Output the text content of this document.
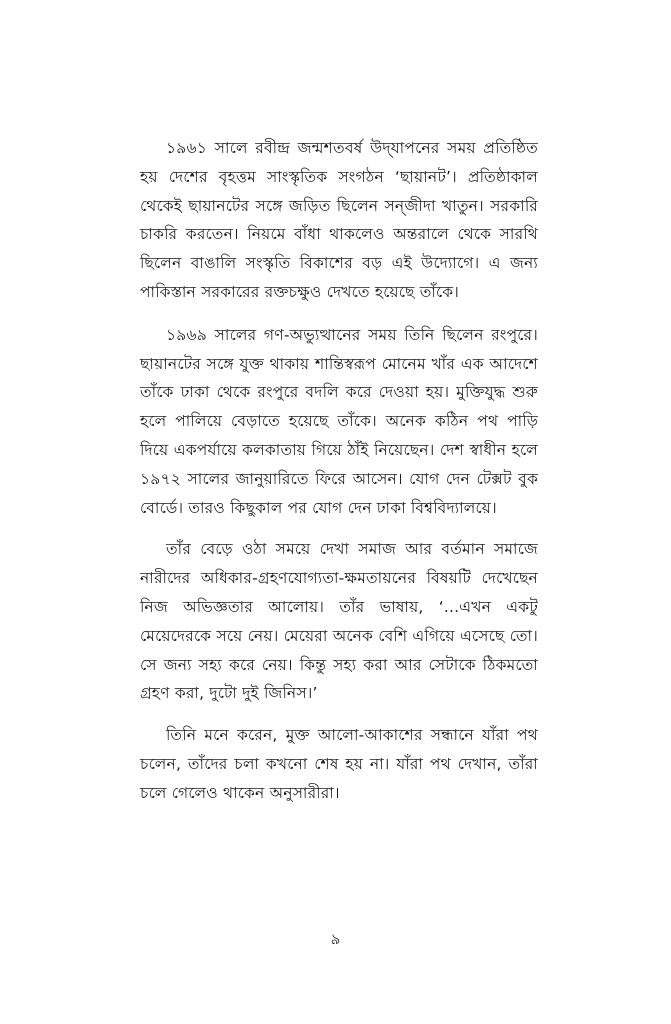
১৯৬১ সালে রবীন্দ্র জন্মশতবর্ষ উদ্‌যাপনের সময় প্রতিষ্ঠিত হয় দেশের বৃহত্তম সাংস্কৃতিক সংগঠন ‘ছায়ানট’। প্রতিষ্ঠাকাল থেকেই ছায়ানটের সঙ্গে জড়িত ছিলেন সন্‌জীদা খাতুন। সরকারি চাকরি করতেন। নিয়মে বাঁধা থাকলেও অন্তরালে থেকে সারথি ছিলেন বাঙালি সংস্কৃতি বিকাশের বড় এই উদ্যোগে। এ জন্য পাকিস্তান সরকারের রক্তচক্ষুও দেখতে হয়েছে তাঁকে।

১৯৬৯ সালের গণ-অভ্যুত্থানের সময় তিনি ছিলেন রংপুরে। ছায়ানটের সঙ্গে যুক্ত থাকায় শান্তিস্বরূপ মোনেম খাঁর এক আদেশে তাঁকে ঢাকা থেকে রংপুরে বদলি করে দেওয়া হয়। মুক্তিযুদ্ধ শুরু হলে পালিয়ে বেড়াতে হয়েছে তাঁকে। অনেক কঠিন পথ পাড়ি দিয়ে একপর্যায়ে কলকাতায় গিয়ে ঠাঁই নিয়েছেন। দেশ স্বাধীন হলে ১৯৭২ সালের জানুয়ারিতে ফিরে আসেন। যোগ দেন টেক্সট বুক বোর্ডে। তারও কিছুকাল পর যোগ দেন ঢাকা বিশ্ববিদ্যালয়ে।

তাঁর বেড়ে ওঠা সময়ে দেখা সমাজ আর বর্তমান সমাজে নারীদের অধিকার-গ্রহণযোগ্যতা-ক্ষমতায়নের বিষয়টি দেখেছেন নিজ অভিজ্ঞতার আলোয়। তাঁর ভাষায়, ‘...এখন একটু মেয়েদেরকে সয়ে নেয়। মেয়েরা অনেক বেশি এগিয়ে এসেছে তো। সে জন্য সহ্য করে নেয়। কিন্তু সহ্য করা আর সেটাকে ঠিকমতো গ্রহণ করা, দুটো দুই জিনিস।’

তিনি মনে করেন, মুক্ত আলো-আকাশের সন্ধানে যাঁরা পথ চলেন, তাঁদের চলা কখনো শেষ হয় না। যাঁরা পথ দেখান, তাঁরা চলে গেলেও থাকেন অনুসারীরা।

৯
